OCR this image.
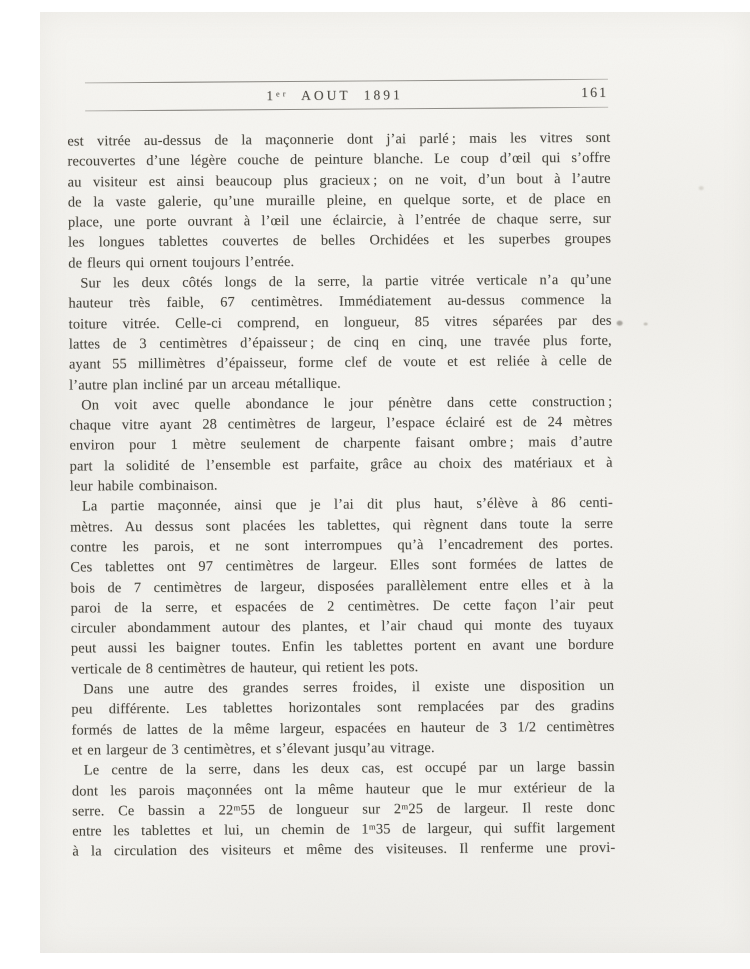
1ᵉʳ AOUT 1891	161
est vitrée au-dessus de la maçonnerie dont j’ai parlé ; mais les vitres sont
recouvertes d’une légère couche de peinture blanche. Le coup d’œil qui s’offre
au visiteur est ainsi beaucoup plus gracieux ; on ne voit, d’un bout à l’autre
de la vaste galerie, qu’une muraille pleine, en quelque sorte, et de place en
place, une porte ouvrant à l’œil une éclaircie, à l’entrée de chaque serre, sur
les longues tablettes couvertes de belles Orchidées et les superbes groupes
de fleurs qui ornent toujours l’entrée.
Sur les deux côtés longs de la serre, la partie vitrée verticale n’a qu’une
hauteur très faible, 67 centimètres. Immédiatement au-dessus commence la
toiture vitrée. Celle-ci comprend, en longueur, 85 vitres séparées par des
lattes de 3 centimètres d’épaisseur ; de cinq en cinq, une travée plus forte,
ayant 55 millimètres d’épaisseur, forme clef de voute et est reliée à celle de
l’autre plan incliné par un arceau métallique.
On voit avec quelle abondance le jour pénètre dans cette construction ;
chaque vitre ayant 28 centimètres de largeur, l’espace éclairé est de 24 mètres
environ pour 1 mètre seulement de charpente faisant ombre ; mais d’autre
part la solidité de l’ensemble est parfaite, grâce au choix des matériaux et à
leur habile combinaison.
La partie maçonnée, ainsi que je l’ai dit plus haut, s’élève à 86 centi-
mètres. Au dessus sont placées les tablettes, qui règnent dans toute la serre
contre les parois, et ne sont interrompues qu’à l’encadrement des portes.
Ces tablettes ont 97 centimètres de largeur. Elles sont formées de lattes de
bois de 7 centimètres de largeur, disposées parallèlement entre elles et à la
paroi de la serre, et espacées de 2 centimètres. De cette façon l’air peut
circuler abondamment autour des plantes, et l’air chaud qui monte des tuyaux
peut aussi les baigner toutes. Enfin les tablettes portent en avant une bordure
verticale de 8 centimètres de hauteur, qui retient les pots.
Dans une autre des grandes serres froides, il existe une disposition un
peu différente. Les tablettes horizontales sont remplacées par des gradins
formés de lattes de la même largeur, espacées en hauteur de 3 1/2 centimètres
et en largeur de 3 centimètres, et s’élevant jusqu’au vitrage.
Le centre de la serre, dans les deux cas, est occupé par un large bassin
dont les parois maçonnées ont la même hauteur que le mur extérieur de la
serre. Ce bassin a 22ᵐ55 de longueur sur 2ᵐ25 de largeur. Il reste donc
entre les tablettes et lui, un chemin de 1ᵐ35 de largeur, qui suffit largement
à la circulation des visiteurs et même des visiteuses. Il renferme une provi-
